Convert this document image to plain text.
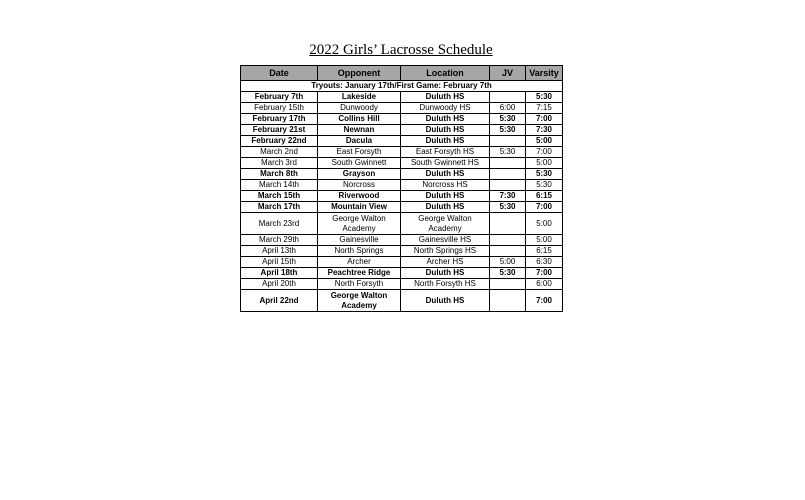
2022 Girls’ Lacrosse Schedule
Date	Opponent	Location	JV	Varsity
Tryouts: January 17th/First Game: February 7th				
February 7th	Lakeside	Duluth HS		5:30
February 15th	Dunwoody	Dunwoody HS	6:00	7:15
February 17th	Collins Hill	Duluth HS	5:30	7:00
February 21st	Newnan	Duluth HS	5:30	7:30
February 22nd	Dacula	Duluth HS		5:00
March 2nd	East Forsyth	East Forsyth HS	5:30	7:00
March 3rd	South Gwinnett	South Gwinnett HS		5:00
March 8th	Grayson	Duluth HS		5:30
March 14th	Norcross	Norcross HS		5:30
March 15th	Riverwood	Duluth HS	7:30	6:15
March 17th	Mountain View	Duluth HS	5:30	7:00
March 23rd	George Walton Academy	George Walton Academy		5:00
March 29th	Gainesville	Gainesville HS		5:00
April 13th	North Springs	North Springs HS		6:15
April 15th	Archer	Archer HS	5:00	6:30
April 18th	Peachtree Ridge	Duluth HS	5:30	7:00
April 20th	North Forsyth	North Forsyth HS		6:00
April 22nd	George Walton Academy	Duluth HS		7:00
